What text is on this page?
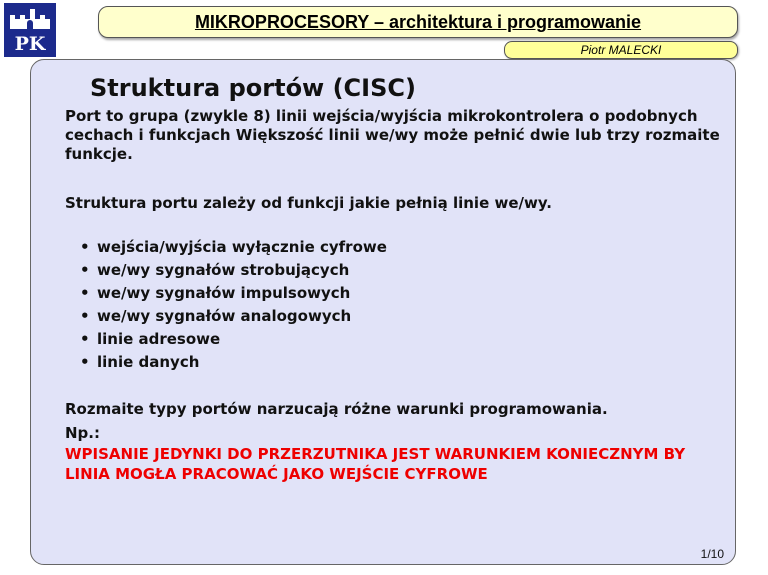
PK
MIKROPROCESORY – architektura i programowanie
Piotr MALECKI
Struktura portów (CISC)
Port to grupa (zwykle 8) linii wejścia/wyjścia mikrokontrolera o podobnych cechach i funkcjach Większość linii we/wy może pełnić dwie lub trzy rozmaite funkcje.
Struktura portu zależy od funkcji jakie pełnią linie we/wy.
• wejścia/wyjścia wyłącznie cyfrowe
• we/wy sygnałów strobujących
• we/wy sygnałów impulsowych
• we/wy sygnałów analogowych
• linie adresowe
• linie danych
Rozmaite typy portów narzucają różne warunki programowania.
Np.:
WPISANIE JEDYNKI DO PRZERZUTNIKA JEST WARUNKIEM KONIECZNYM BY LINIA MOGŁA PRACOWAĆ JAKO WEJŚCIE CYFROWE
1/10
